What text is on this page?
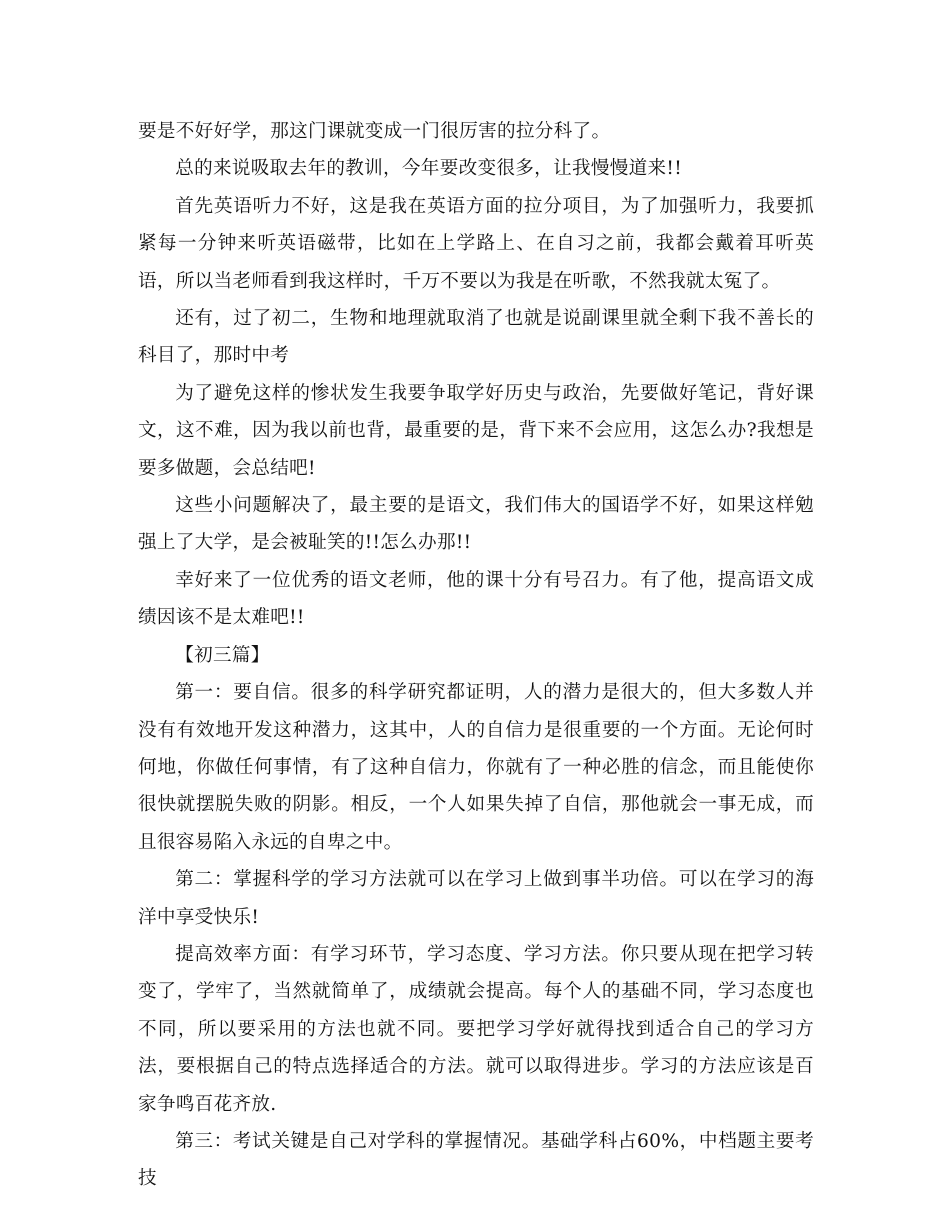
要是不好好学，那这门课就变成一门很厉害的拉分科了。

总的来说吸取去年的教训，今年要改变很多，让我慢慢道来!!

首先英语听力不好，这是我在英语方面的拉分项目，为了加强听力，我要抓紧每一分钟来听英语磁带，比如在上学路上、在自习之前，我都会戴着耳听英语，所以当老师看到我这样时，千万不要以为我是在听歌，不然我就太冤了。

还有，过了初二，生物和地理就取消了也就是说副课里就全剩下我不善长的科目了，那时中考

为了避免这样的惨状发生我要争取学好历史与政治，先要做好笔记，背好课文，这不难，因为我以前也背，最重要的是，背下来不会应用，这怎么办?我想是要多做题，会总结吧!

这些小问题解决了，最主要的是语文，我们伟大的国语学不好，如果这样勉强上了大学，是会被耻笑的!!怎么办那!!

幸好来了一位优秀的语文老师，他的课十分有号召力。有了他，提高语文成绩因该不是太难吧!!

【初三篇】

第一：要自信。很多的科学研究都证明，人的潜力是很大的，但大多数人并没有有效地开发这种潜力，这其中，人的自信力是很重要的一个方面。无论何时何地，你做任何事情，有了这种自信力，你就有了一种必胜的信念，而且能使你很快就摆脱失败的阴影。相反，一个人如果失掉了自信，那他就会一事无成，而且很容易陷入永远的自卑之中。

第二：掌握科学的学习方法就可以在学习上做到事半功倍。可以在学习的海洋中享受快乐!

提高效率方面：有学习环节，学习态度、学习方法。你只要从现在把学习转变了，学牢了，当然就简单了，成绩就会提高。每个人的基础不同，学习态度也不同，所以要采用的方法也就不同。要把学习学好就得找到适合自己的学习方法，要根据自己的特点选择适合的方法。就可以取得进步。学习的方法应该是百家争鸣百花齐放.

第三：考试关键是自己对学科的掌握情况。基础学科占60%，中档题主要考技
